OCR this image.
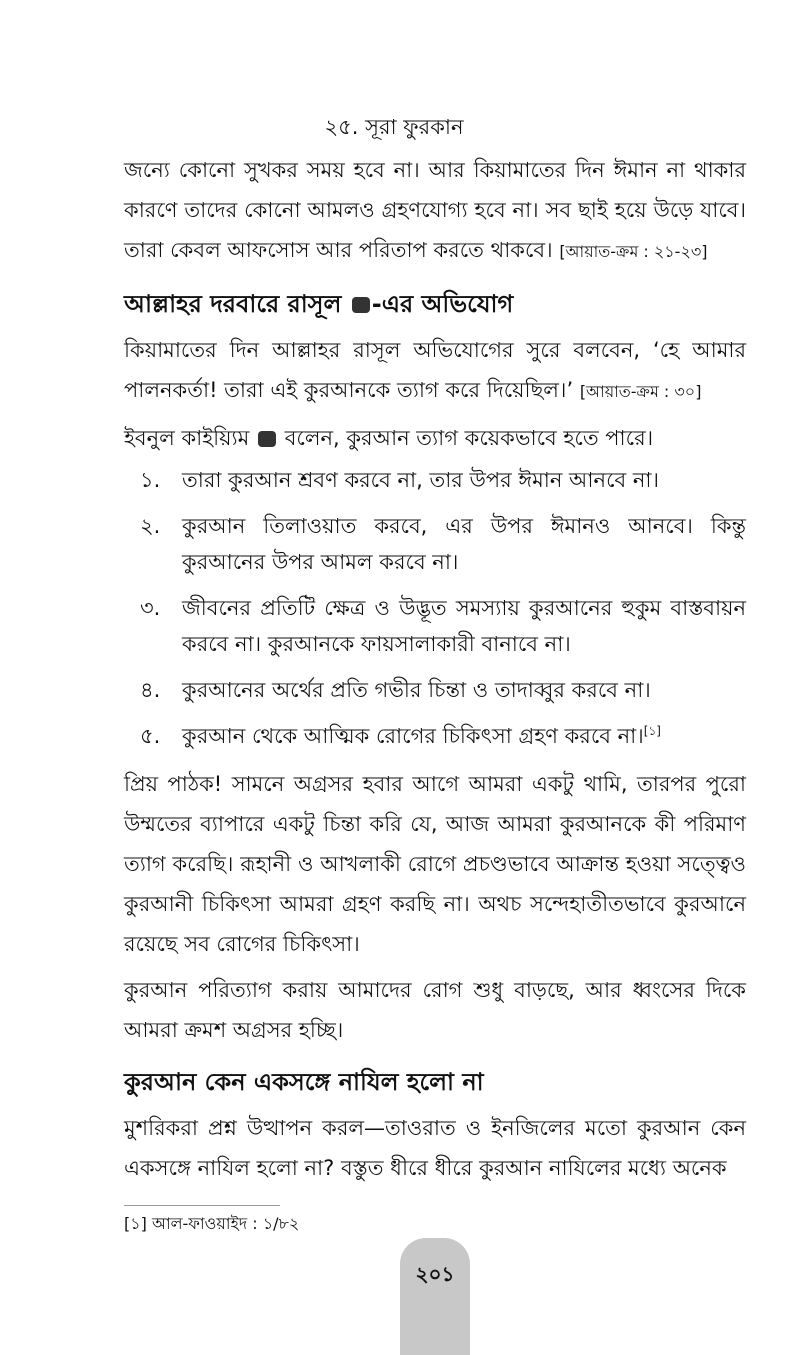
২৫. সূরা ফুরকান

জন্যে কোনো সুখকর সময় হবে না। আর কিয়ামাতের দিন ঈমান না থাকার কারণে তাদের কোনো আমলও গ্রহণযোগ্য হবে না। সব ছাই হয়ে উড়ে যাবে। তারা কেবল আফসোস আর পরিতাপ করতে থাকবে। [আয়াত-ক্রম : ২১-২৩]

আল্লাহর দরবারে রাসূল -এর অভিযোগ

কিয়ামাতের দিন আল্লাহর রাসূল অভিযোগের সুরে বলবেন, ‘হে আমার পালনকর্তা! তারা এই কুরআনকে ত্যাগ করে দিয়েছিল।’ [আয়াত-ক্রম : ৩০]

ইবনুল কাইয়্যিম বলেন, কুরআন ত্যাগ কয়েকভাবে হতে পারে।

১.	তারা কুরআন শ্রবণ করবে না, তার উপর ঈমান আনবে না।
২.	কুরআন তিলাওয়াত করবে, এর উপর ঈমানও আনবে। কিন্তু কুরআনের উপর আমল করবে না।
৩.	জীবনের প্রতিটি ক্ষেত্র ও উদ্ভূত সমস্যায় কুরআনের হুকুম বাস্তবায়ন করবে না। কুরআনকে ফায়সালাকারী বানাবে না।
৪.	কুরআনের অর্থের প্রতি গভীর চিন্তা ও তাদাব্বুর করবে না।
৫.	কুরআন থেকে আত্মিক রোগের চিকিৎসা গ্রহণ করবে না।[১]

প্রিয় পাঠক! সামনে অগ্রসর হবার আগে আমরা একটু থামি, তারপর পুরো উম্মতের ব্যাপারে একটু চিন্তা করি যে, আজ আমরা কুরআনকে কী পরিমাণ ত্যাগ করেছি। রূহানী ও আখলাকী রোগে প্রচণ্ডভাবে আক্রান্ত হওয়া সত্ত্বেও কুরআনী চিকিৎসা আমরা গ্রহণ করছি না। অথচ সন্দেহাতীতভাবে কুরআনে রয়েছে সব রোগের চিকিৎসা।

কুরআন পরিত্যাগ করায় আমাদের রোগ শুধু বাড়ছে, আর ধ্বংসের দিকে আমরা ক্রমশ অগ্রসর হচ্ছি।

কুরআন কেন একসঙ্গে নাযিল হলো না

মুশরিকরা প্রশ্ন উত্থাপন করল—তাওরাত ও ইনজিলের মতো কুরআন কেন একসঙ্গে নাযিল হলো না? বস্তুত ধীরে ধীরে কুরআন নাযিলের মধ্যে অনেক

[১] আল-ফাওয়াইদ : ১/৮২
২০১
